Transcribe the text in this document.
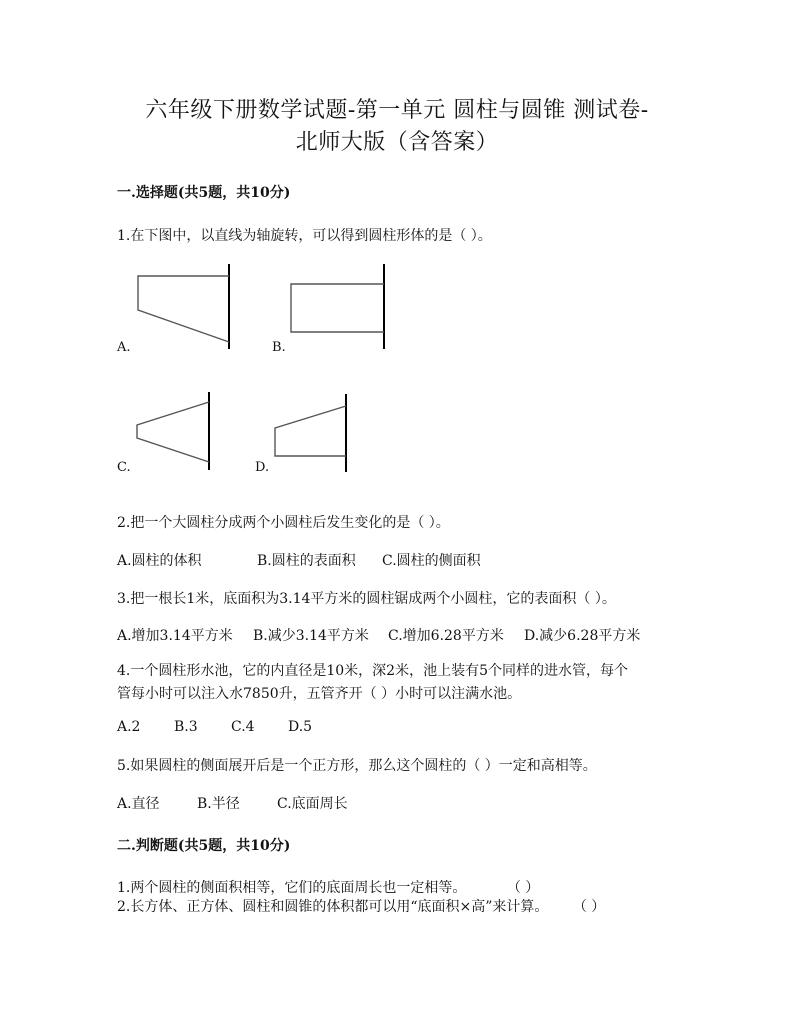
六年级下册数学试题-第一单元 圆柱与圆锥 测试卷-
北师大版（含答案）
一.选择题(共5题，共10分)
1.在下图中，以直线为轴旋转，可以得到圆柱形体的是（ ）。
A.	B.
C.	D.
2.把一个大圆柱分成两个小圆柱后发生变化的是（ ）。
A.圆柱的体积	B.圆柱的表面积 C.圆柱的侧面积
3.把一根长1米，底面积为3.14平方米的圆柱锯成两个小圆柱，它的表面积（ ）。
A.增加3.14平方米 B.减少3.14平方米 C.增加6.28平方米 D.减少6.28平方米
4.一个圆柱形水池，它的内直径是10米，深2米，池上装有5个同样的进水管，每个
管每小时可以注入水7850升，五管齐开（ ）小时可以注满水池。
A.2 B.3 C.4 D.5
5.如果圆柱的侧面展开后是一个正方形，那么这个圆柱的（ ）一定和高相等。
A.直径	B.半径	C.底面周长
二.判断题(共5题，共10分)
1.两个圆柱的侧面积相等，它们的底面周长也一定相等。	（ ）
2.长方体、正方体、圆柱和圆锥的体积都可以用“底面积×高”来计算。 （ ）
